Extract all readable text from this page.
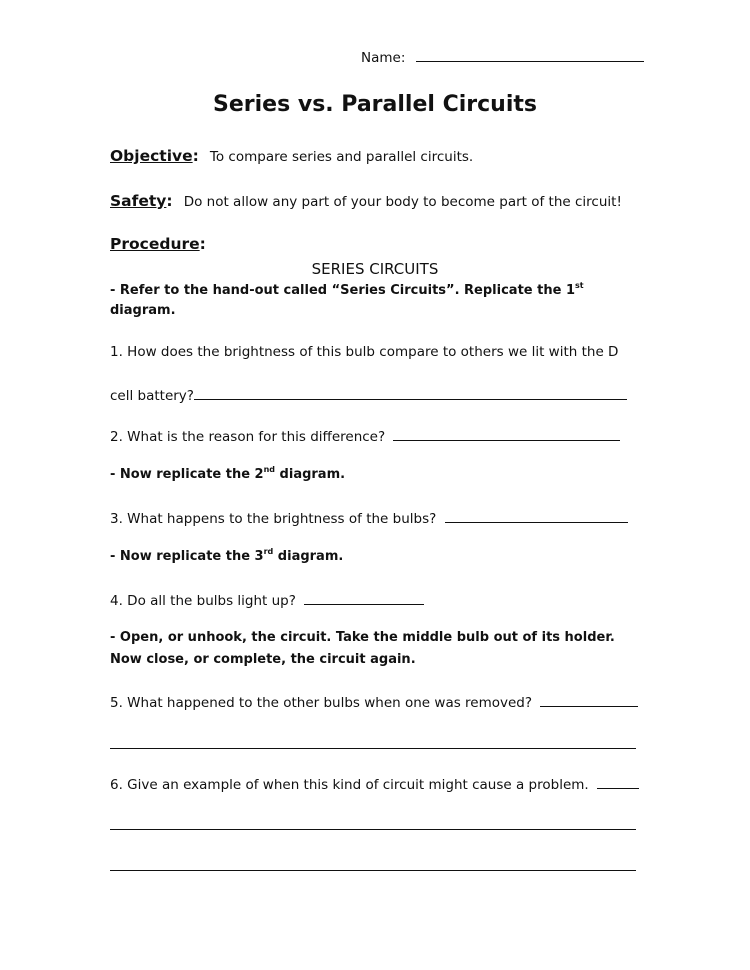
Name:
Series vs. Parallel Circuits
Objective: To compare series and parallel circuits.
Safety: Do not allow any part of your body to become part of the circuit!
Procedure:
SERIES CIRCUITS
- Refer to the hand-out called “Series Circuits”. Replicate the 1st
diagram.
1. How does the brightness of this bulb compare to others we lit with the D
cell battery?
2. What is the reason for this difference?
- Now replicate the 2nd diagram.
3. What happens to the brightness of the bulbs?
- Now replicate the 3rd diagram.
4. Do all the bulbs light up?
- Open, or unhook, the circuit. Take the middle bulb out of its holder.
Now close, or complete, the circuit again.
5. What happened to the other bulbs when one was removed?
6. Give an example of when this kind of circuit might cause a problem.
